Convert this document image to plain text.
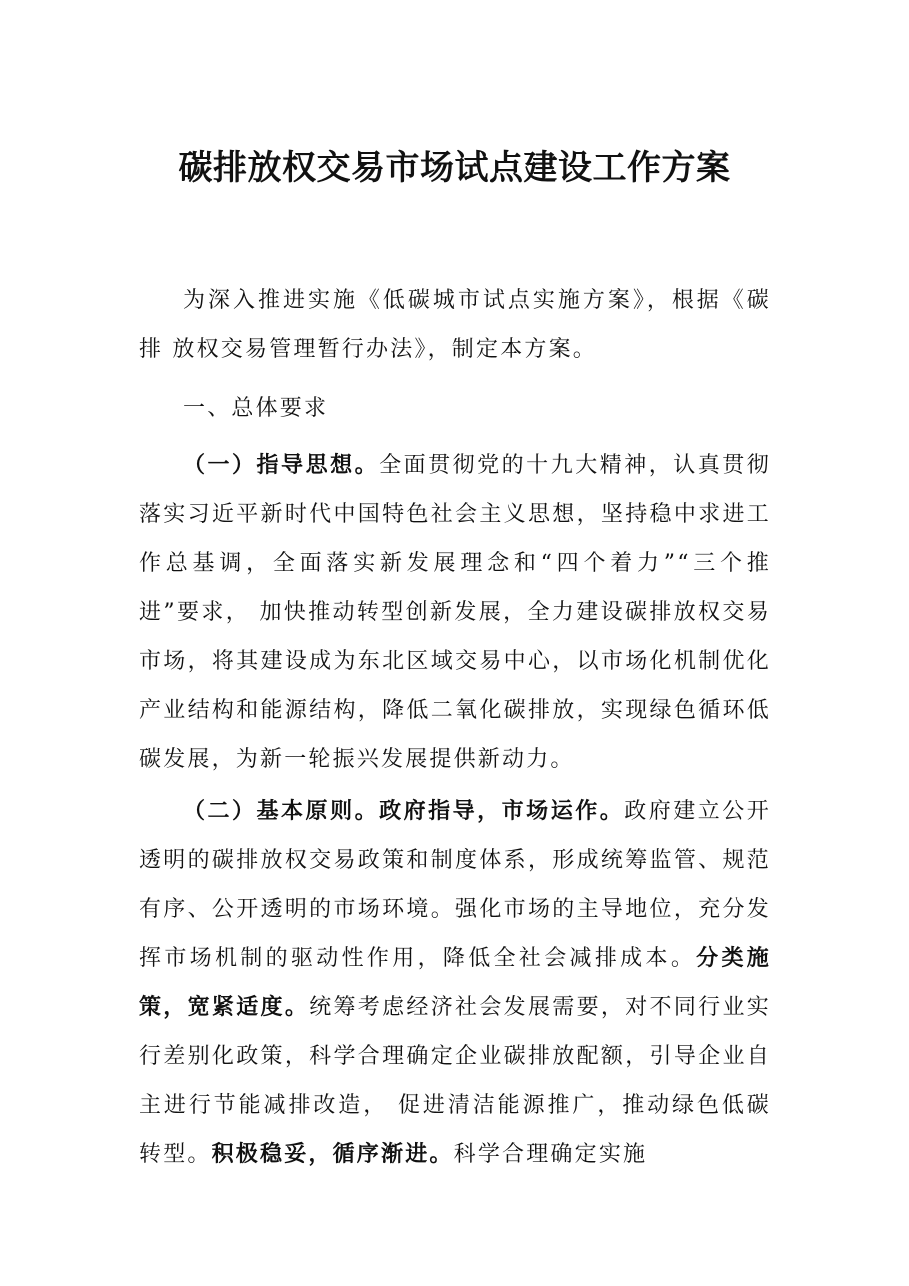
碳排放权交易市场试点建设工作方案

为深入推进实施《低碳城市试点实施方案》，根据《碳排 放权交易管理暂行办法》，制定本方案。

一、总体要求

（一）指导思想。全面贯彻党的十九大精神，认真贯彻落实习近平新时代中国特色社会主义思想，坚持稳中求进工作总基调，全面落实新发展理念和“四个着力”“三个推进”要求， 加快推动转型创新发展，全力建设碳排放权交易市场，将其建设成为东北区域交易中心，以市场化机制优化产业结构和能源结构，降低二氧化碳排放，实现绿色循环低碳发展，为新一轮振兴发展提供新动力。

（二）基本原则。政府指导，市场运作。政府建立公开透明的碳排放权交易政策和制度体系，形成统筹监管、规范有序、公开透明的市场环境。强化市场的主导地位，充分发挥市场机制的驱动性作用，降低全社会减排成本。分类施策，宽紧适度。统筹考虑经济社会发展需要，对不同行业实行差别化政策，科学合理确定企业碳排放配额，引导企业自主进行节能减排改造， 促进清洁能源推广，推动绿色低碳转型。积极稳妥，循序渐进。科学合理确定实施
